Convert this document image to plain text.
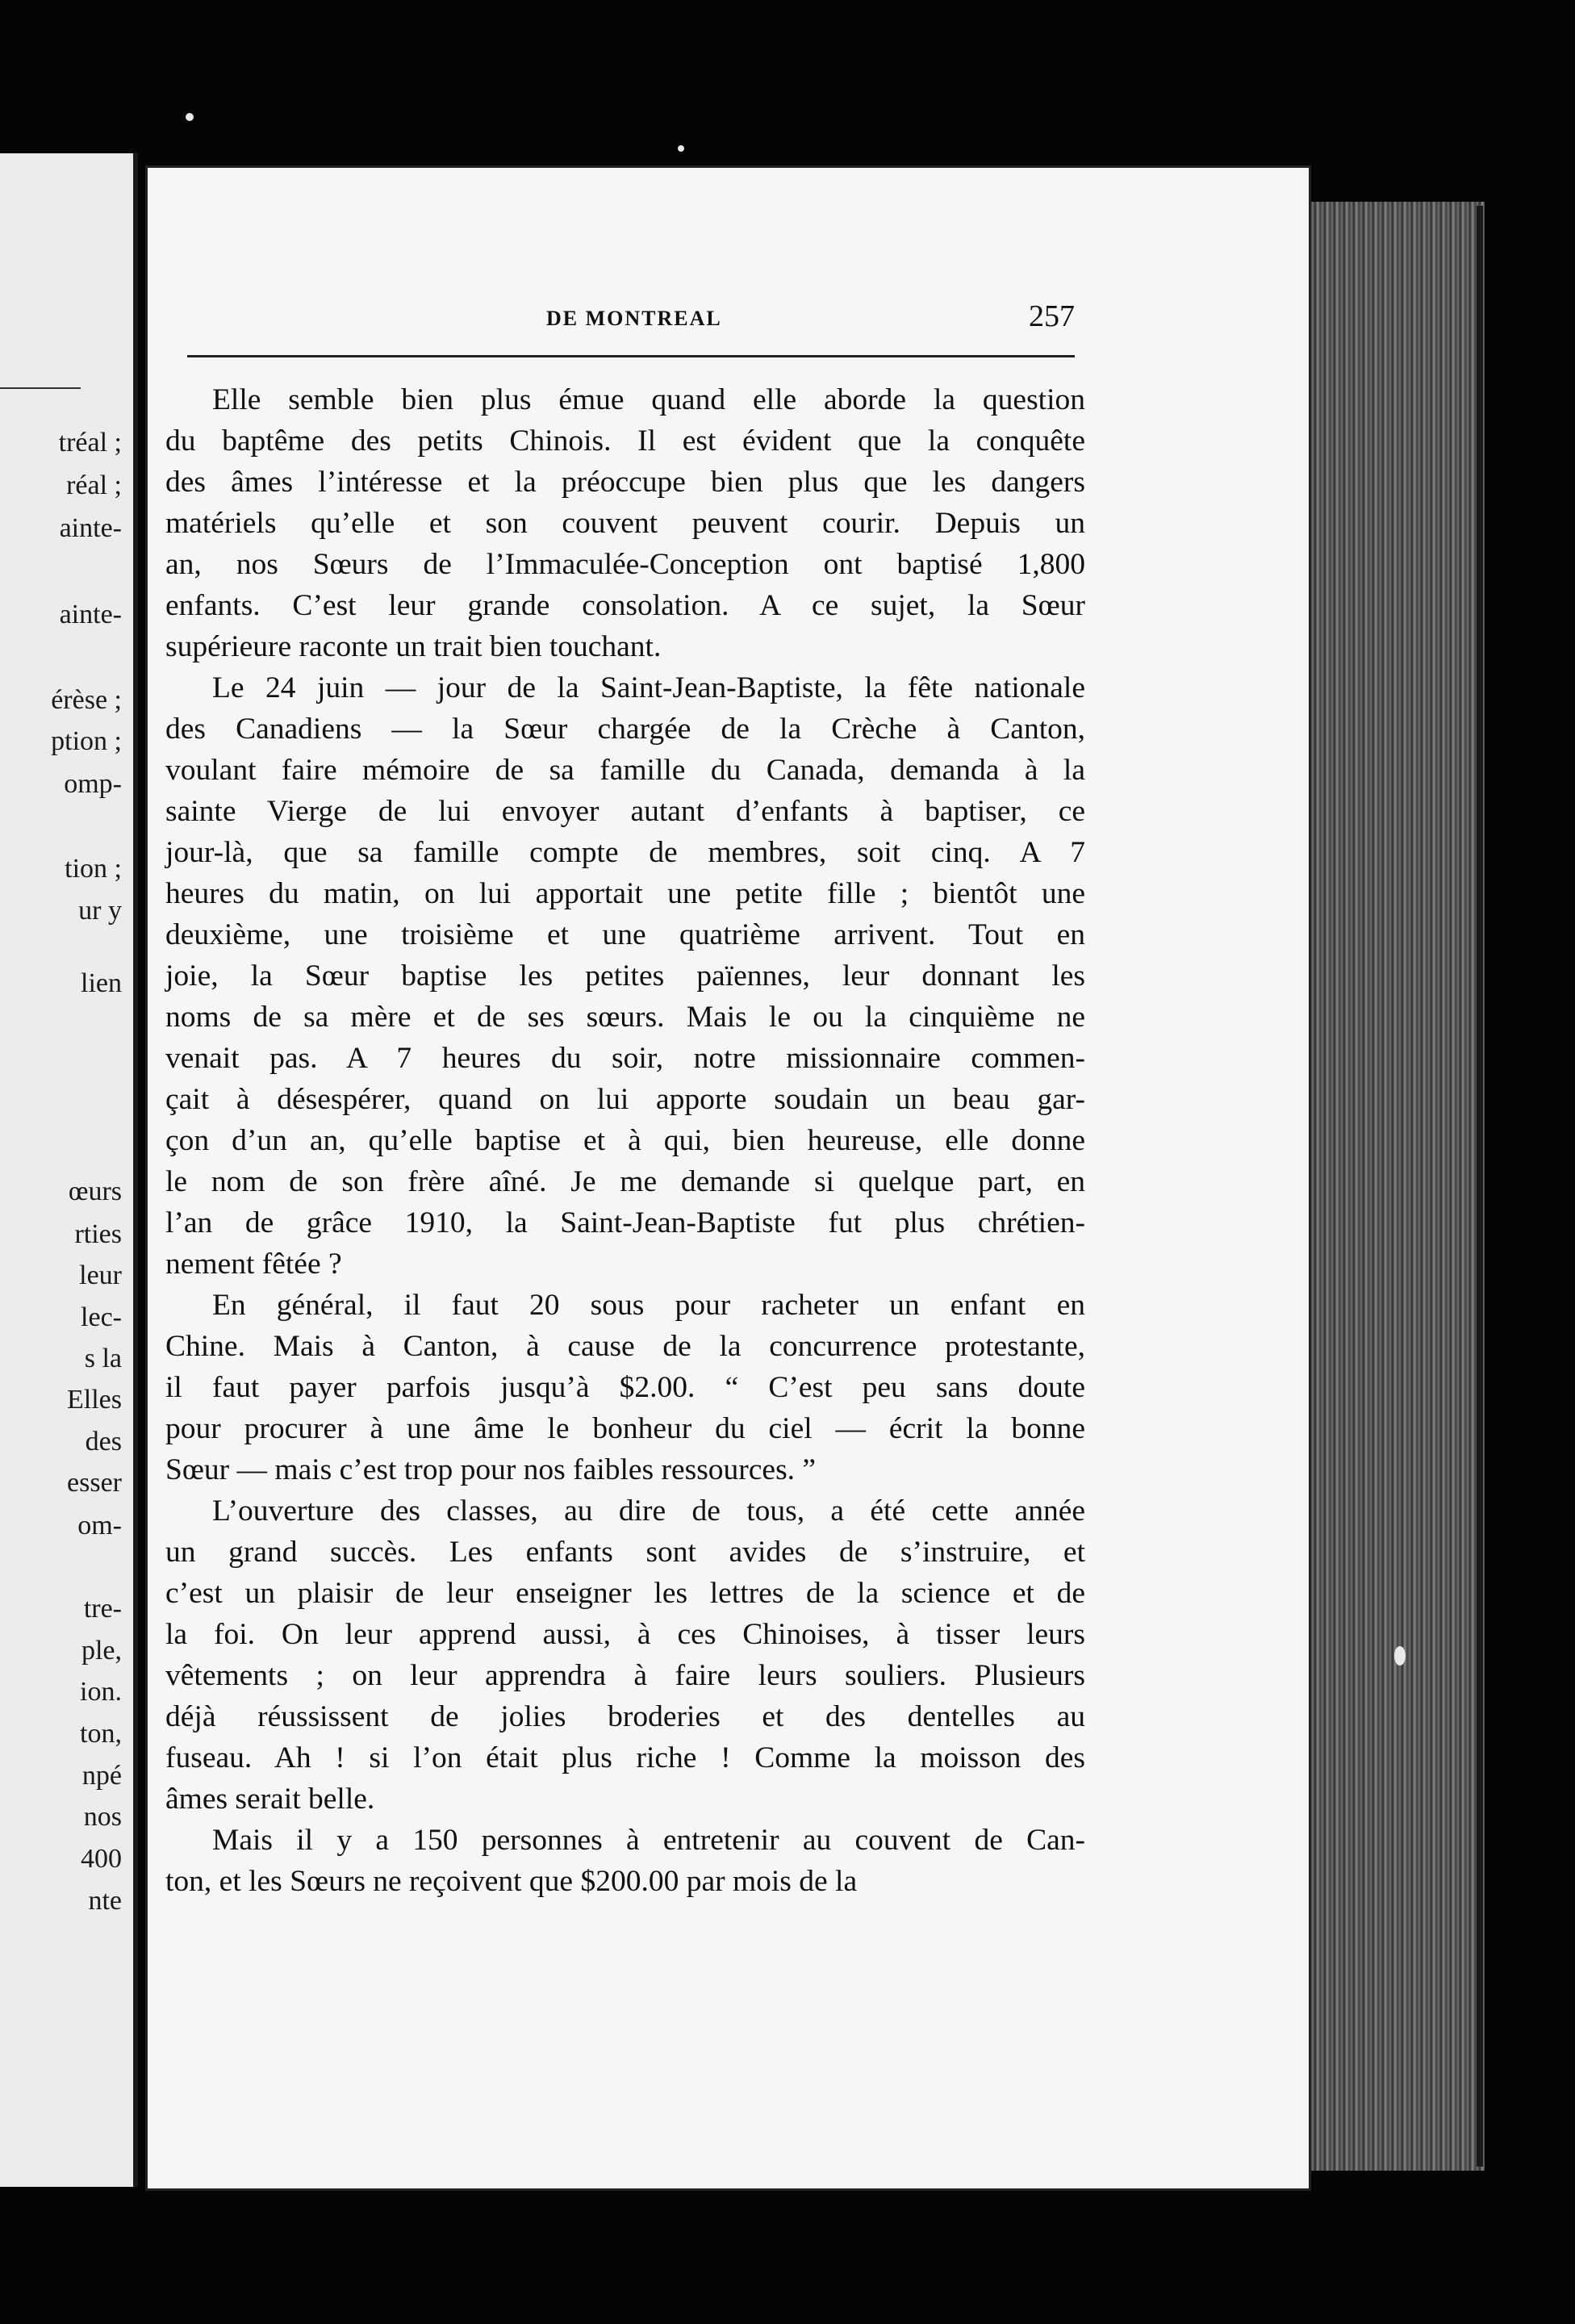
tréal ;
réal ;
ainte-
ainte-
érèse ;
ption ;
omp-
tion ;
ur y
lien
œurs
rties
leur
lec-
s la
Elles
des
esser
om-
tre-
ple,
ion.
ton,
npé
nos
400
nte
DE MONTREAL	257
Elle semble bien plus émue quand elle aborde la question
du baptême des petits Chinois. Il est évident que la conquête
des âmes l’intéresse et la préoccupe bien plus que les dangers
matériels qu’elle et son couvent peuvent courir. Depuis un
an, nos Sœurs de l’Immaculée-Conception ont baptisé 1,800
enfants. C’est leur grande consolation. A ce sujet, la Sœur
supérieure raconte un trait bien touchant.
Le 24 juin — jour de la Saint-Jean-Baptiste, la fête nationale
des Canadiens — la Sœur chargée de la Crèche à Canton,
voulant faire mémoire de sa famille du Canada, demanda à la
sainte Vierge de lui envoyer autant d’enfants à baptiser, ce
jour-là, que sa famille compte de membres, soit cinq. A 7
heures du matin, on lui apportait une petite fille ; bientôt une
deuxième, une troisième et une quatrième arrivent. Tout en
joie, la Sœur baptise les petites païennes, leur donnant les
noms de sa mère et de ses sœurs. Mais le ou la cinquième ne
venait pas. A 7 heures du soir, notre missionnaire commen-
çait à désespérer, quand on lui apporte soudain un beau gar-
çon d’un an, qu’elle baptise et à qui, bien heureuse, elle donne
le nom de son frère aîné. Je me demande si quelque part, en
l’an de grâce 1910, la Saint-Jean-Baptiste fut plus chrétien-
nement fêtée ?
En général, il faut 20 sous pour racheter un enfant en
Chine. Mais à Canton, à cause de la concurrence protestante,
il faut payer parfois jusqu’à $2.00. “ C’est peu sans doute
pour procurer à une âme le bonheur du ciel — écrit la bonne
Sœur — mais c’est trop pour nos faibles ressources. ”
L’ouverture des classes, au dire de tous, a été cette année
un grand succès. Les enfants sont avides de s’instruire, et
c’est un plaisir de leur enseigner les lettres de la science et de
la foi. On leur apprend aussi, à ces Chinoises, à tisser leurs
vêtements ; on leur apprendra à faire leurs souliers. Plusieurs
déjà réussissent de jolies broderies et des dentelles au
fuseau. Ah ! si l’on était plus riche ! Comme la moisson des
âmes serait belle.
Mais il y a 150 personnes à entretenir au couvent de Can-
ton, et les Sœurs ne reçoivent que $200.00 par mois de la
